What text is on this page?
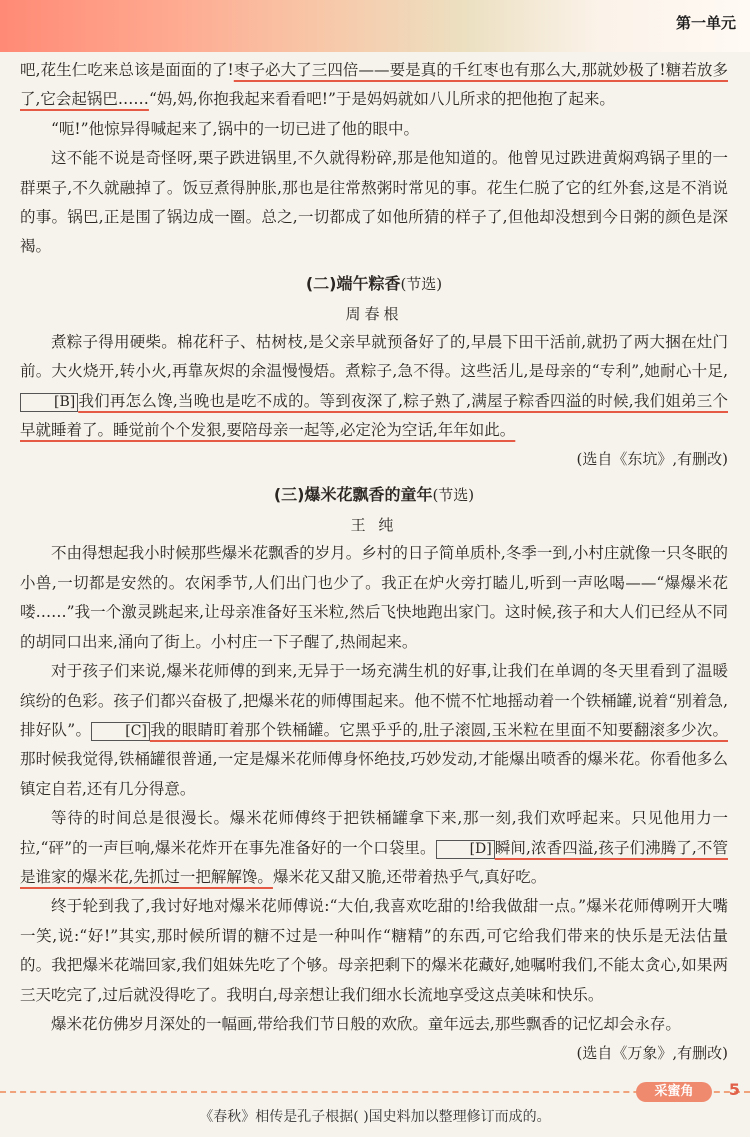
第一单元

吧,花生仁吃来总该是面面的了!枣子必大了三四倍——要是真的千红枣也有那么大,那就妙极了!糖若放多了,它会起锅巴……“妈,妈,你抱我起来看看吧!”于是妈妈就如八儿所求的把他抱了起来。

“呃!”他惊异得喊起来了,锅中的一切已进了他的眼中。

这不能不说是奇怪呀,栗子跌进锅里,不久就得粉碎,那是他知道的。他曾见过跌进黄焖鸡锅子里的一群栗子,不久就融掉了。饭豆煮得肿胀,那也是往常熬粥时常见的事。花生仁脱了它的红外套,这是不消说的事。锅巴,正是围了锅边成一圈。总之,一切都成了如他所猜的样子了,但他却没想到今日粥的颜色是深褐。

(二)端午粽香(节选)
周春根

煮粽子得用硬柴。棉花秆子、枯树枝,是父亲早就预备好了的,早晨下田干活前,就扔了两大捆在灶门前。大火烧开,转小火,再靠灰烬的余温慢慢焐。煮粽子,急不得。这些活儿,是母亲的“专利”,她耐心十足,[B] 我们再怎么馋,当晚也是吃不成的。等到夜深了,粽子熟了,满屋子粽香四溢的时候,我们姐弟三个早就睡着了。睡觉前个个发狠,要陪母亲一起等,必定沦为空话,年年如此。

(选自《东坑》,有删改)
(三)爆米花飘香的童年(节选)
王 纯

不由得想起我小时候那些爆米花飘香的岁月。乡村的日子简单质朴,冬季一到,小村庄就像一只冬眠的小兽,一切都是安然的。农闲季节,人们出门也少了。我正在炉火旁打瞌儿,听到一声吆喝——“爆爆米花喽……”我一个激灵跳起来,让母亲准备好玉米粒,然后飞快地跑出家门。这时候,孩子和大人们已经从不同的胡同口出来,涌向了街上。小村庄一下子醒了,热闹起来。

对于孩子们来说,爆米花师傅的到来,无异于一场充满生机的好事,让我们在单调的冬天里看到了温暖缤纷的色彩。孩子们都兴奋极了,把爆米花的师傅围起来。他不慌不忙地摇动着一个铁桶罐,说着“别着急,排好队”。 [C] 我的眼睛盯着那个铁桶罐。它黑乎乎的,肚子滚圆,玉米粒在里面不知要翻滚多少次。那时候我觉得,铁桶罐很普通,一定是爆米花师傅身怀绝技,巧妙发动,才能爆出喷香的爆米花。你看他多么镇定自若,还有几分得意。

等待的时间总是很漫长。爆米花师傅终于把铁桶罐拿下来,那一刻,我们欢呼起来。只见他用力一拉,“砰”的一声巨响,爆米花炸开在事先准备好的一个口袋里。 [D] 瞬间,浓香四溢,孩子们沸腾了,不管是谁家的爆米花,先抓过一把解解馋。爆米花又甜又脆,还带着热乎气,真好吃。

终于轮到我了,我讨好地对爆米花师傅说:“大伯,我喜欢吃甜的!给我做甜一点。”爆米花师傅咧开大嘴一笑,说:“好!”其实,那时候所谓的糖不过是一种叫作“糖精”的东西,可它给我们带来的快乐是无法估量的。我把爆米花端回家,我们姐妹先吃了个够。母亲把剩下的爆米花藏好,她嘱咐我们,不能太贪心,如果两三天吃完了,过后就没得吃了。我明白,母亲想让我们细水长流地享受这点美味和快乐。

爆米花仿佛岁月深处的一幅画,带给我们节日般的欢欣。童年远去,那些飘香的记忆却会永存。

(选自《万象》,有删改)
采蜜角	5
《春秋》相传是孔子根据( )国史料加以整理修订而成的。
